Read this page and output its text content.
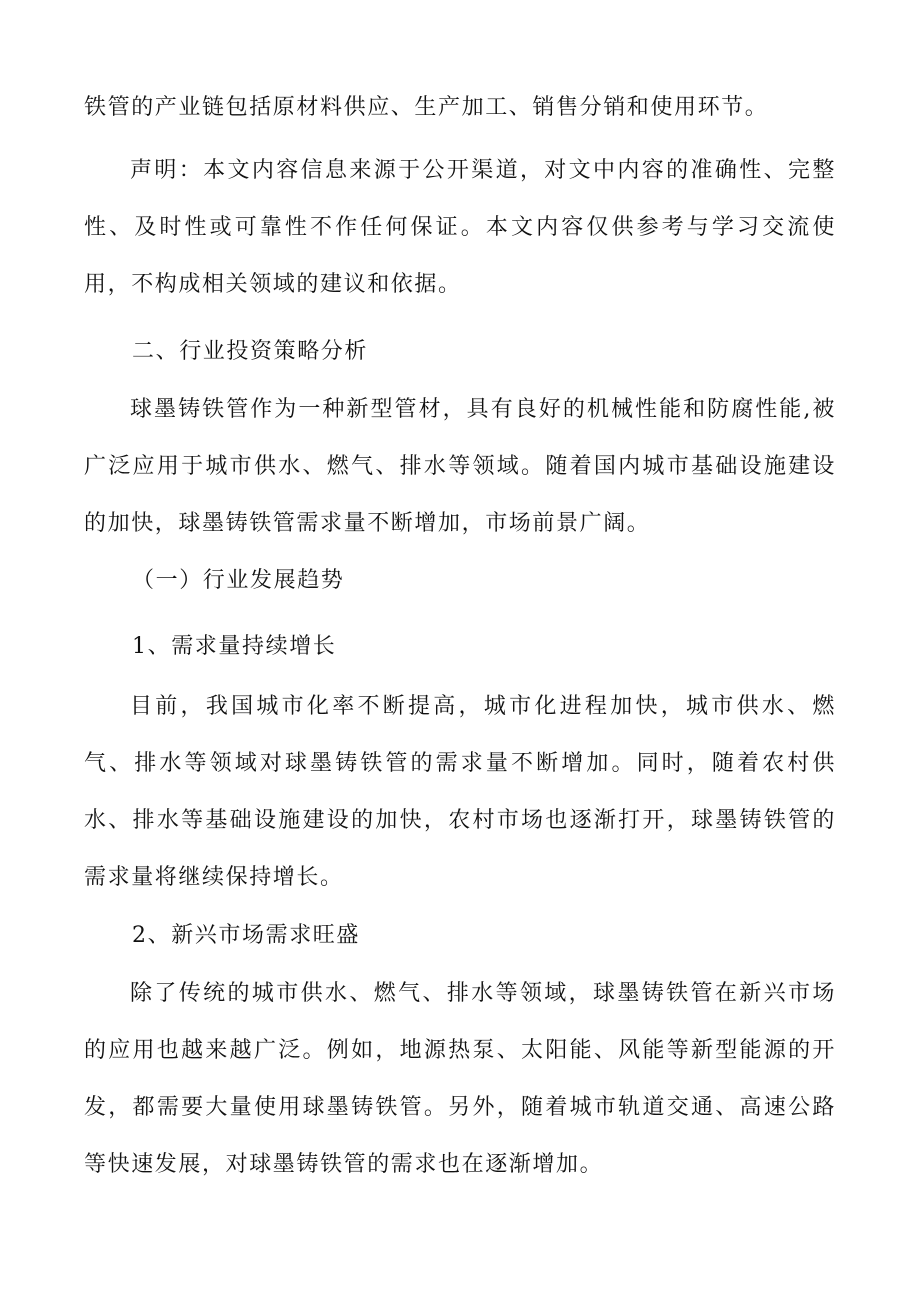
铁管的产业链包括原材料供应、生产加工、销售分销和使用环节。

声明：本文内容信息来源于公开渠道，对文中内容的准确性、完整性、及时性或可靠性不作任何保证。本文内容仅供参考与学习交流使用，不构成相关领域的建议和依据。

二、行业投资策略分析

球墨铸铁管作为一种新型管材，具有良好的机械性能和防腐性能,被广泛应用于城市供水、燃气、排水等领域。随着国内城市基础设施建设的加快，球墨铸铁管需求量不断增加，市场前景广阔。

（一）行业发展趋势

1、需求量持续增长

目前，我国城市化率不断提高，城市化进程加快，城市供水、燃气、排水等领域对球墨铸铁管的需求量不断增加。同时，随着农村供水、排水等基础设施建设的加快，农村市场也逐渐打开，球墨铸铁管的需求量将继续保持增长。

2、新兴市场需求旺盛

除了传统的城市供水、燃气、排水等领域，球墨铸铁管在新兴市场的应用也越来越广泛。例如，地源热泵、太阳能、风能等新型能源的开发，都需要大量使用球墨铸铁管。另外，随着城市轨道交通、高速公路等快速发展，对球墨铸铁管的需求也在逐渐增加。
